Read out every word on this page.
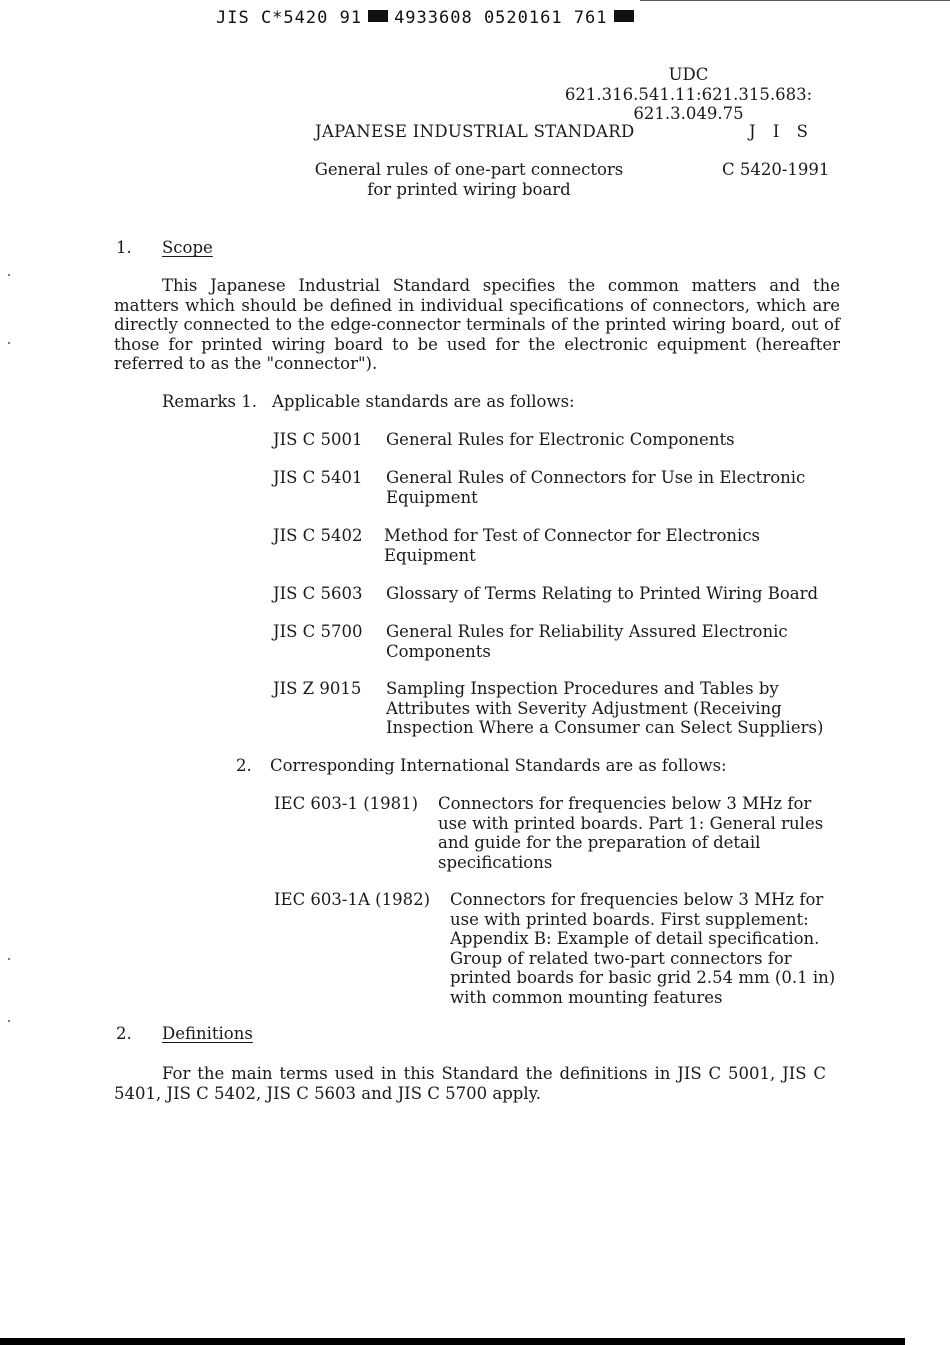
JIS C*5420 91 4933608 0520161 761
UDC 621.316.541.11:621.315.683:
621.3.049.75
JAPANESE INDUSTRIAL STANDARD	J I S
General rules of one-part connectors
for printed wiring board
C 5420-1991
1. Scope

This Japanese Industrial Standard specifies the common matters and the matters which should be defined in individual specifications of connectors, which are directly connected to the edge-connector terminals of the printed wiring board, out of those for printed wiring board to be used for the electronic equipment (hereafter referred to as the "connector").

Remarks 1. Applicable standards are as follows:
JIS C 5001 General Rules for Electronic Components
JIS C 5401 General Rules of Connectors for Use in Electronic Equipment
JIS C 5402 Method for Test of Connector for Electronics Equipment
JIS C 5603 Glossary of Terms Relating to Printed Wiring Board
JIS C 5700 General Rules for Reliability Assured Electronic Components
JIS Z 9015 Sampling Inspection Procedures and Tables by Attributes with Severity Adjustment (Receiving Inspection Where a Consumer can Select Suppliers)
2. Corresponding International Standards are as follows:
IEC 603-1 (1981) Connectors for frequencies below 3 MHz for use with printed boards. Part 1: General rules and guide for the preparation of detail specifications
IEC 603-1A (1982) Connectors for frequencies below 3 MHz for use with printed boards. First supplement: Appendix B: Example of detail specification. Group of related two-part connectors for printed boards for basic grid 2.54 mm (0.1 in) with common mounting features
2. Definitions

For the main terms used in this Standard the definitions in JIS C 5001, JIS C 5401, JIS C 5402, JIS C 5603 and JIS C 5700 apply.
